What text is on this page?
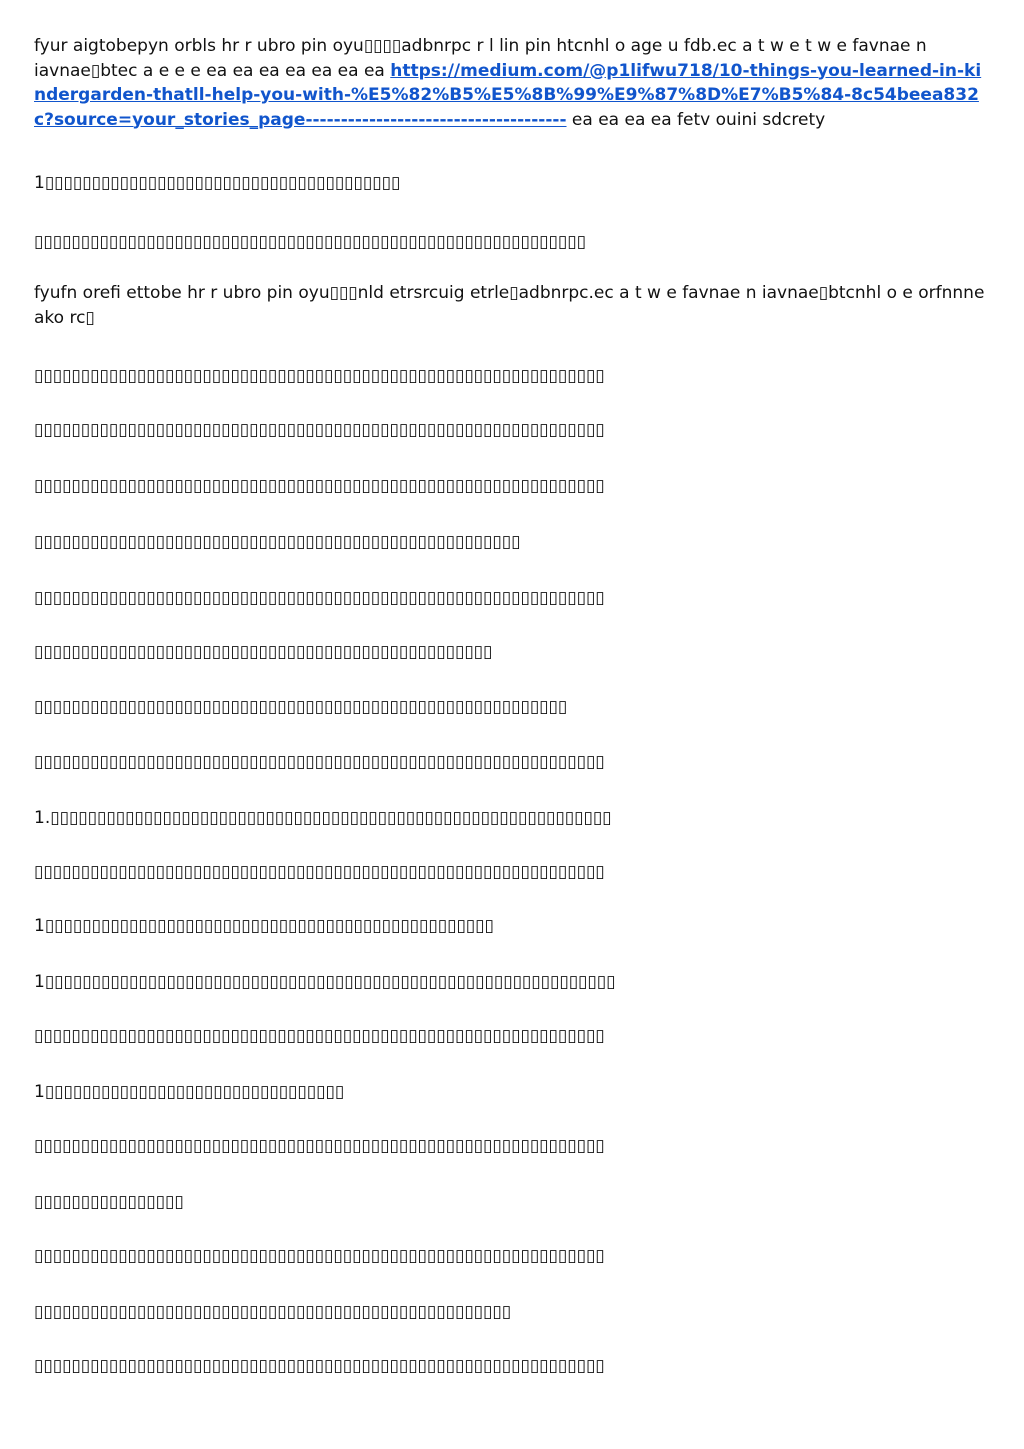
fyur aigtobepyn orbls hr r ubro pin oyu▯▯▯▯adbnrpc r l lin pin htcnhl o age u fdb.ec a t w e t w e favnae n iavnae▯btec a e e e ea ea ea ea ea ea ea https://medium.com/@p1lifwu718/10-things-you-learned-in-kindergarden-thatll-help-you-with-%E5%82%B5%E5%8B%99%E9%87%8D%E7%B5%84-8c54beea832c?source=your_stories_page------------------------------------- ea ea ea ea fetv ouini sdcrety

1▯▯▯▯▯▯▯▯▯▯▯▯▯▯▯▯▯▯▯▯▯▯▯▯▯▯▯▯▯▯▯▯▯▯▯▯▯▯

fyufn orefi ettobe hr r ubro pin oyu▯▯▯nld etrsrcuig etrle▯adbnrpc.ec a t w e favnae n iavnae▯btcnhl o e orfnnne ako rc▯

▯▯▯▯▯▯▯▯▯▯▯▯▯▯▯▯▯▯▯▯▯▯▯▯▯▯▯▯▯▯▯▯▯▯▯▯▯▯▯▯▯▯▯▯▯▯▯▯▯▯▯▯▯▯▯▯▯▯▯
▯▯▯▯▯▯▯▯▯▯▯▯▯▯▯▯▯▯▯▯▯▯▯▯▯▯▯▯▯▯▯▯▯▯▯▯▯▯▯▯▯▯▯▯▯▯▯▯▯▯▯▯▯▯▯▯▯▯▯▯▯
▯▯▯▯▯▯▯▯▯▯▯▯▯▯▯▯▯▯▯▯▯▯▯▯▯▯▯▯▯▯▯▯▯▯▯▯▯▯▯▯▯▯▯▯▯▯▯▯▯▯▯▯▯▯▯▯▯▯▯▯▯
▯▯▯▯▯▯▯▯▯▯▯▯▯▯▯▯▯▯▯▯▯▯▯▯▯▯▯▯▯▯▯▯▯▯▯▯▯▯▯▯▯▯▯▯▯▯▯▯▯▯▯▯▯▯▯▯▯▯▯▯▯
▯▯▯▯▯▯▯▯▯▯▯▯▯▯▯▯▯▯▯▯▯▯▯▯▯▯▯▯▯▯▯▯▯▯▯▯▯▯▯▯▯▯▯▯▯▯▯▯▯▯▯▯
▯▯▯▯▯▯▯▯▯▯▯▯▯▯▯▯▯▯▯▯▯▯▯▯▯▯▯▯▯▯▯▯▯▯▯▯▯▯▯▯▯▯▯▯▯▯▯▯▯▯▯▯▯▯▯▯▯▯▯▯▯
▯▯▯▯▯▯▯▯▯▯▯▯▯▯▯▯▯▯▯▯▯▯▯▯▯▯▯▯▯▯▯▯▯▯▯▯▯▯▯▯▯▯▯▯▯▯▯▯▯
▯▯▯▯▯▯▯▯▯▯▯▯▯▯▯▯▯▯▯▯▯▯▯▯▯▯▯▯▯▯▯▯▯▯▯▯▯▯▯▯▯▯▯▯▯▯▯▯▯▯▯▯▯▯▯▯▯
▯▯▯▯▯▯▯▯▯▯▯▯▯▯▯▯▯▯▯▯▯▯▯▯▯▯▯▯▯▯▯▯▯▯▯▯▯▯▯▯▯▯▯▯▯▯▯▯▯▯▯▯▯▯▯▯▯▯▯▯▯
1.▯▯▯▯▯▯▯▯▯▯▯▯▯▯▯▯▯▯▯▯▯▯▯▯▯▯▯▯▯▯▯▯▯▯▯▯▯▯▯▯▯▯▯▯▯▯▯▯▯▯▯▯▯▯▯▯▯▯▯▯
▯▯▯▯▯▯▯▯▯▯▯▯▯▯▯▯▯▯▯▯▯▯▯▯▯▯▯▯▯▯▯▯▯▯▯▯▯▯▯▯▯▯▯▯▯▯▯▯▯▯▯▯▯▯▯▯▯▯▯▯▯
1▯▯▯▯▯▯▯▯▯▯▯▯▯▯▯▯▯▯▯▯▯▯▯▯▯▯▯▯▯▯▯▯▯▯▯▯▯▯▯▯▯▯▯▯▯▯▯▯
1▯▯▯▯▯▯▯▯▯▯▯▯▯▯▯▯▯▯▯▯▯▯▯▯▯▯▯▯▯▯▯▯▯▯▯▯▯▯▯▯▯▯▯▯▯▯▯▯▯▯▯▯▯▯▯▯▯▯▯▯▯
▯▯▯▯▯▯▯▯▯▯▯▯▯▯▯▯▯▯▯▯▯▯▯▯▯▯▯▯▯▯▯▯▯▯▯▯▯▯▯▯▯▯▯▯▯▯▯▯▯▯▯▯▯▯▯▯▯▯▯▯▯
1▯▯▯▯▯▯▯▯▯▯▯▯▯▯▯▯▯▯▯▯▯▯▯▯▯▯▯▯▯▯▯▯
▯▯▯▯▯▯▯▯▯▯▯▯▯▯▯▯▯▯▯▯▯▯▯▯▯▯▯▯▯▯▯▯▯▯▯▯▯▯▯▯▯▯▯▯▯▯▯▯▯▯▯▯▯▯▯▯▯▯▯▯▯
▯▯▯▯▯▯▯▯▯▯▯▯▯▯▯▯
▯▯▯▯▯▯▯▯▯▯▯▯▯▯▯▯▯▯▯▯▯▯▯▯▯▯▯▯▯▯▯▯▯▯▯▯▯▯▯▯▯▯▯▯▯▯▯▯▯▯▯▯▯▯▯▯▯▯▯▯▯
▯▯▯▯▯▯▯▯▯▯▯▯▯▯▯▯▯▯▯▯▯▯▯▯▯▯▯▯▯▯▯▯▯▯▯▯▯▯▯▯▯▯▯▯▯▯▯▯▯▯▯
▯▯▯▯▯▯▯▯▯▯▯▯▯▯▯▯▯▯▯▯▯▯▯▯▯▯▯▯▯▯▯▯▯▯▯▯▯▯▯▯▯▯▯▯▯▯▯▯▯▯▯▯▯▯▯▯▯▯▯▯▯
